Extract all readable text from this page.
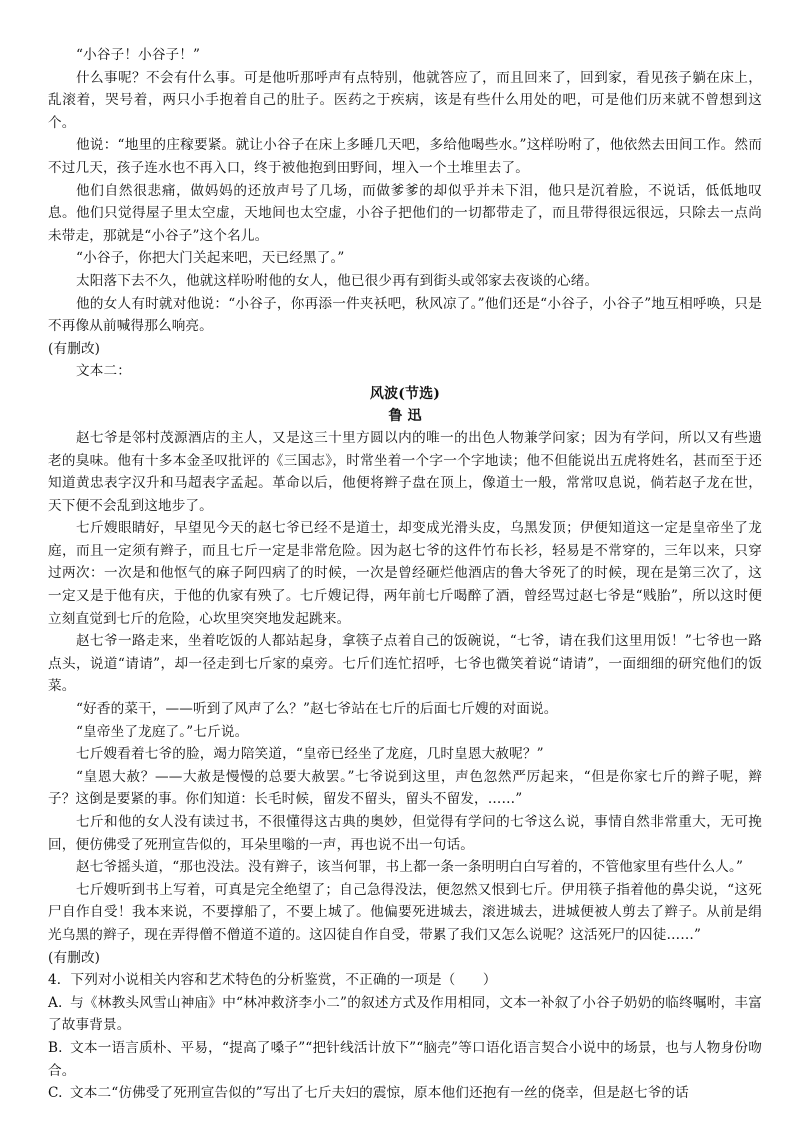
“小谷子！小谷子！”

什么事呢？不会有什么事。可是他听那呼声有点特别，他就答应了，而且回来了，回到家，看见孩子躺在床上，乱滚着，哭号着，两只小手抱着自己的肚子。医药之于疾病，该是有些什么用处的吧，可是他们历来就不曾想到这个。

他说：“地里的庄稼要紧。就让小谷子在床上多睡几天吧，多给他喝些水。”这样吩咐了，他依然去田间工作。然而不过几天，孩子连水也不再入口，终于被他抱到田野间，埋入一个土堆里去了。

他们自然很悲痛，做妈妈的还放声号了几场，而做爹爹的却似乎并未下泪，他只是沉着脸，不说话，低低地叹息。他们只觉得屋子里太空虚，天地间也太空虚，小谷子把他们的一切都带走了，而且带得很远很远，只除去一点尚未带走，那就是“小谷子”这个名儿。

“小谷子，你把大门关起来吧，天已经黑了。”

太阳落下去不久，他就这样吩咐他的女人，他已很少再有到街头或邻家去夜谈的心绪。

他的女人有时就对他说：“小谷子，你再添一件夹袄吧，秋风凉了。”他们还是“小谷子，小谷子”地互相呼唤，只是不再像从前喊得那么响亮。

(有删改)

文本二：

风波(节选)

鲁 迅

赵七爷是邻村茂源酒店的主人，又是这三十里方圆以内的唯一的出色人物兼学问家；因为有学问，所以又有些遗老的臭味。他有十多本金圣叹批评的《三国志》，时常坐着一个字一个字地读；他不但能说出五虎将姓名，甚而至于还知道黄忠表字汉升和马超表字孟起。革命以后，他便将辫子盘在顶上，像道士一般，常常叹息说，倘若赵子龙在世，天下便不会乱到这地步了。

七斤嫂眼睛好，早望见今天的赵七爷已经不是道士，却变成光滑头皮，乌黑发顶；伊便知道这一定是皇帝坐了龙庭，而且一定须有辫子，而且七斤一定是非常危险。因为赵七爷的这件竹布长衫，轻易是不常穿的，三年以来，只穿过两次：一次是和他怄气的麻子阿四病了的时候，一次是曾经砸烂他酒店的鲁大爷死了的时候，现在是第三次了，这一定又是于他有庆，于他的仇家有殃了。七斤嫂记得，两年前七斤喝醉了酒，曾经骂过赵七爷是“贱胎”，所以这时便立刻直觉到七斤的危险，心坎里突突地发起跳来。

赵七爷一路走来，坐着吃饭的人都站起身，拿筷子点着自己的饭碗说，“七爷，请在我们这里用饭！”七爷也一路点头，说道“请请”，却一径走到七斤家的桌旁。七斤们连忙招呼，七爷也微笑着说“请请”，一面细细的研究他们的饭菜。

“好香的菜干，——听到了风声了么？”赵七爷站在七斤的后面七斤嫂的对面说。

“皇帝坐了龙庭了。”七斤说。

七斤嫂看着七爷的脸，竭力陪笑道，“皇帝已经坐了龙庭，几时皇恩大赦呢？”

“皇恩大赦？——大赦是慢慢的总要大赦罢。”七爷说到这里，声色忽然严厉起来，“但是你家七斤的辫子呢，辫子？这倒是要紧的事。你们知道：长毛时候，留发不留头，留头不留发，……”

七斤和他的女人没有读过书，不很懂得这古典的奥妙，但觉得有学问的七爷这么说，事情自然非常重大，无可挽回，便仿佛受了死刑宣告似的，耳朵里嗡的一声，再也说不出一句话。

赵七爷摇头道，“那也没法。没有辫子，该当何罪，书上都一条一条明明白白写着的，不管他家里有些什么人。”

七斤嫂听到书上写着，可真是完全绝望了；自己急得没法，便忽然又恨到七斤。伊用筷子指着他的鼻尖说，“这死尸自作自受！我本来说，不要撑船了，不要上城了。他偏要死进城去，滚进城去，进城便被人剪去了辫子。从前是绢光乌黑的辫子，现在弄得僧不僧道不道的。这囚徒自作自受，带累了我们又怎么说呢？这活死尸的囚徒……”

(有删改)

4．下列对小说相关内容和艺术特色的分析鉴赏，不正确的一项是（　　）

A. 与《林教头风雪山神庙》中“林冲救济李小二”的叙述方式及作用相同，文本一补叙了小谷子奶奶的临终嘱咐，丰富了故事背景。

B. 文本一语言质朴、平易，“提高了嗓子”“把针线活计放下”“脑壳”等口语化语言契合小说中的场景，也与人物身份吻合。

C. 文本二“仿佛受了死刑宣告似的”写出了七斤夫妇的震惊，原本他们还抱有一丝的侥幸，但是赵七爷的话
